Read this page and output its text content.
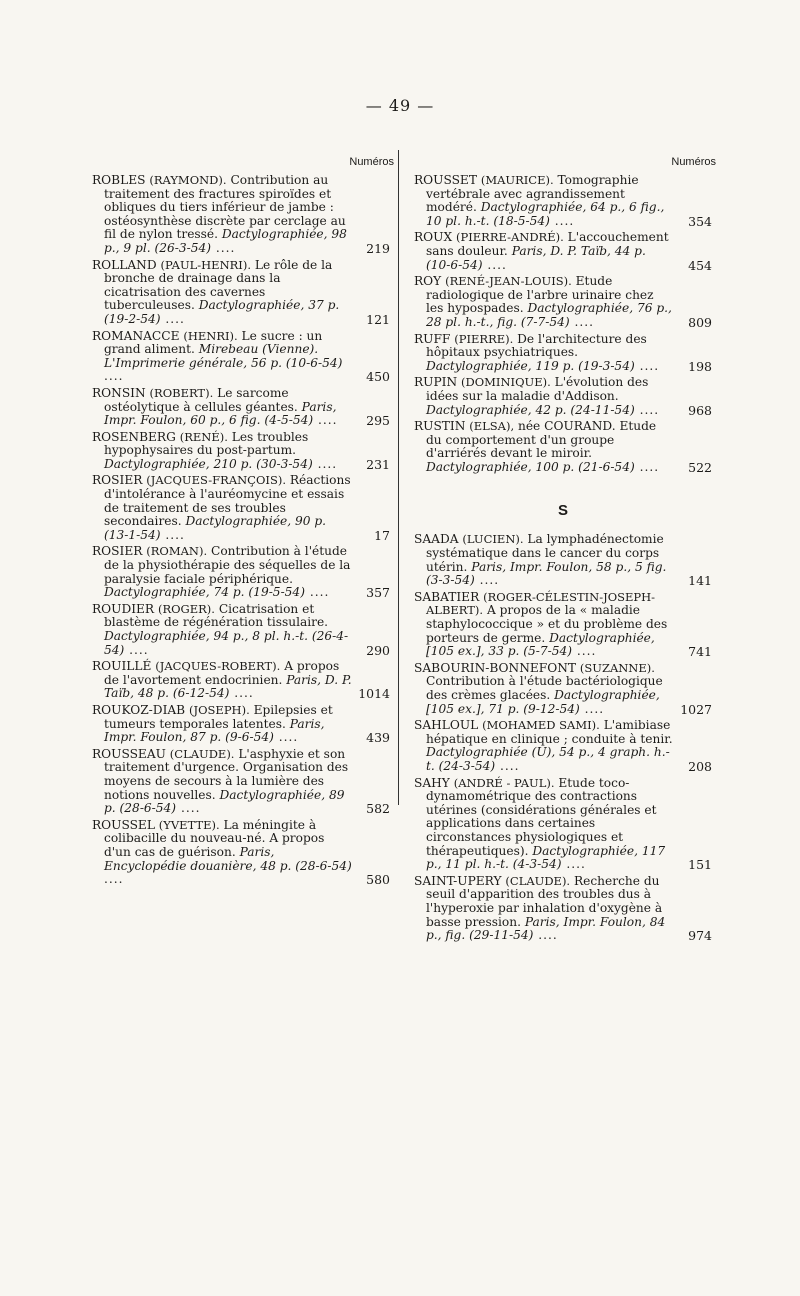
— 49 —
Numéros
ROBLES (RAYMOND). Contribution au traitement des fractures spiroïdes et obliques du tiers inférieur de jambe : ostéosynthèse discrète par cerclage au fil de nylon tressé. Dactylographiée, 98 p., 9 pl. (26-3-54) ....	219
ROLLAND (PAUL-HENRI). Le rôle de la bronche de drainage dans la cicatrisation des cavernes tuberculeuses. Dactylographiée, 37 p. (19-2-54) ....	121
ROMANACCE (HENRI). Le sucre : un grand aliment. Mirebeau (Vienne). L'Imprimerie générale, 56 p. (10-6-54) ....	450
RONSIN (ROBERT). Le sarcome ostéolytique à cellules géantes. Paris, Impr. Foulon, 60 p., 6 fig. (4-5-54) ....	295
ROSENBERG (RENÉ). Les troubles hypophysaires du post-partum. Dactylographiée, 210 p. (30-3-54) ....	231
ROSIER (JACQUES-FRANÇOIS). Réactions d'intolérance à l'auréomycine et essais de traitement de ses troubles secondaires. Dactylographiée, 90 p. (13-1-54) ....	17
ROSIER (ROMAN). Contribution à l'étude de la physiothérapie des séquelles de la paralysie faciale périphérique. Dactylographiée, 74 p. (19-5-54) ....	357
ROUDIER (ROGER). Cicatrisation et blastème de régénération tissulaire. Dactylographiée, 94 p., 8 pl. h.-t. (26-4-54) ....	290
ROUILLÉ (JACQUES-ROBERT). A propos de l'avortement endocrinien. Paris, D. P. Taïb, 48 p. (6-12-54) ....	1014
ROUKOZ-DIAB (JOSEPH). Epilepsies et tumeurs temporales latentes. Paris, Impr. Foulon, 87 p. (9-6-54) ....	439
ROUSSEAU (CLAUDE). L'asphyxie et son traitement d'urgence. Organisation des moyens de secours à la lumière des notions nouvelles. Dactylographiée, 89 p. (28-6-54) ....	582
ROUSSEL (YVETTE). La méningite à colibacille du nouveau-né. A propos d'un cas de guérison. Paris, Encyclopédie douanière, 48 p. (28-6-54) ....	580
Numéros
ROUSSET (MAURICE). Tomographie vertébrale avec agrandissement modéré. Dactylographiée, 64 p., 6 fig., 10 pl. h.-t. (18-5-54) ....	354
ROUX (PIERRE-ANDRÉ). L'accouchement sans douleur. Paris, D. P. Taïb, 44 p. (10-6-54) ....	454
ROY (RENÉ-JEAN-LOUIS). Etude radiologique de l'arbre urinaire chez les hypospades. Dactylographiée, 76 p., 28 pl. h.-t., fig. (7-7-54) ....	809
RUFF (PIERRE). De l'architecture des hôpitaux psychiatriques. Dactylographiée, 119 p. (19-3-54) ....	198
RUPIN (DOMINIQUE). L'évolution des idées sur la maladie d'Addison. Dactylographiée, 42 p. (24-11-54) ....	968
RUSTIN (ELSA), née COURAND. Etude du comportement d'un groupe d'arriérés devant le miroir. Dactylographiée, 100 p. (21-6-54) ....	522
S
SAADA (LUCIEN). La lymphadénectomie systématique dans le cancer du corps utérin. Paris, Impr. Foulon, 58 p., 5 fig. (3-3-54) ....	141
SABATIER (ROGER-CÉLESTIN-JOSEPH-ALBERT). A propos de la « maladie staphylococcique » et du problème des porteurs de germe. Dactylographiée, [105 ex.], 33 p. (5-7-54) ....	741
SABOURIN-BONNEFONT (SUZANNE). Contribution à l'étude bactériologique des crèmes glacées. Dactylographiée, [105 ex.], 71 p. (9-12-54) ....	1027
SAHLOUL (MOHAMED SAMI). L'amibiase hépatique en clinique ; conduite à tenir. Dactylographiée (U), 54 p., 4 graph. h.-t. (24-3-54) ....	208
SAHY (ANDRÉ - PAUL). Etude toco-dynamométrique des contractions utérines (considérations générales et applications dans certaines circonstances physiologiques et thérapeutiques). Dactylographiée, 117 p., 11 pl. h.-t. (4-3-54) ....	151
SAINT-UPERY (CLAUDE). Recherche du seuil d'apparition des troubles dus à l'hyperoxie par inhalation d'oxygène à basse pression. Paris, Impr. Foulon, 84 p., fig. (29-11-54) ....	974
